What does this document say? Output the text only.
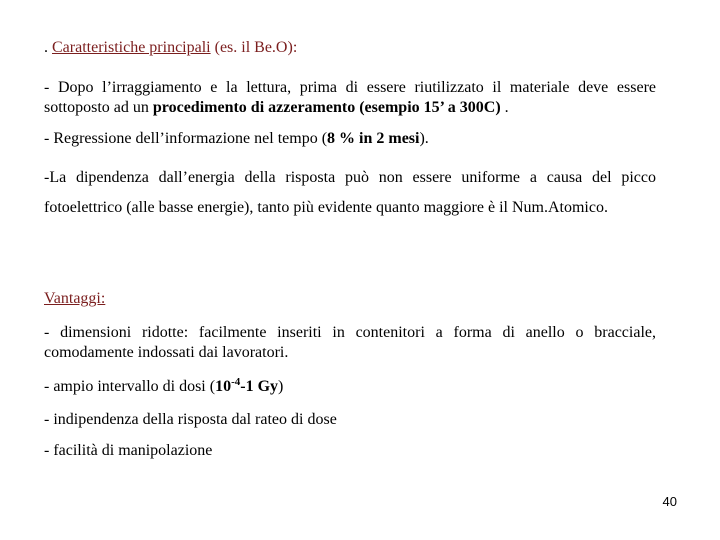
. Caratteristiche principali (es. il Be.O):
- Dopo l’irraggiamento e la lettura, prima di essere riutilizzato il materiale deve essere sottoposto ad un procedimento di azzeramento (esempio 15’ a 300C) .
- Regressione dell’informazione nel tempo (8 % in 2 mesi).
-La dipendenza dall’energia della risposta può non essere uniforme a causa del picco fotoelettrico (alle basse energie), tanto più evidente quanto maggiore è il Num.Atomico.
Vantaggi:
- dimensioni ridotte: facilmente inseriti in contenitori a forma di anello o bracciale, comodamente indossati dai lavoratori.
- ampio intervallo di dosi ($10^{-4}-1$ Gy)
- indipendenza della risposta dal rateo di dose
- facilità di manipolazione
40
